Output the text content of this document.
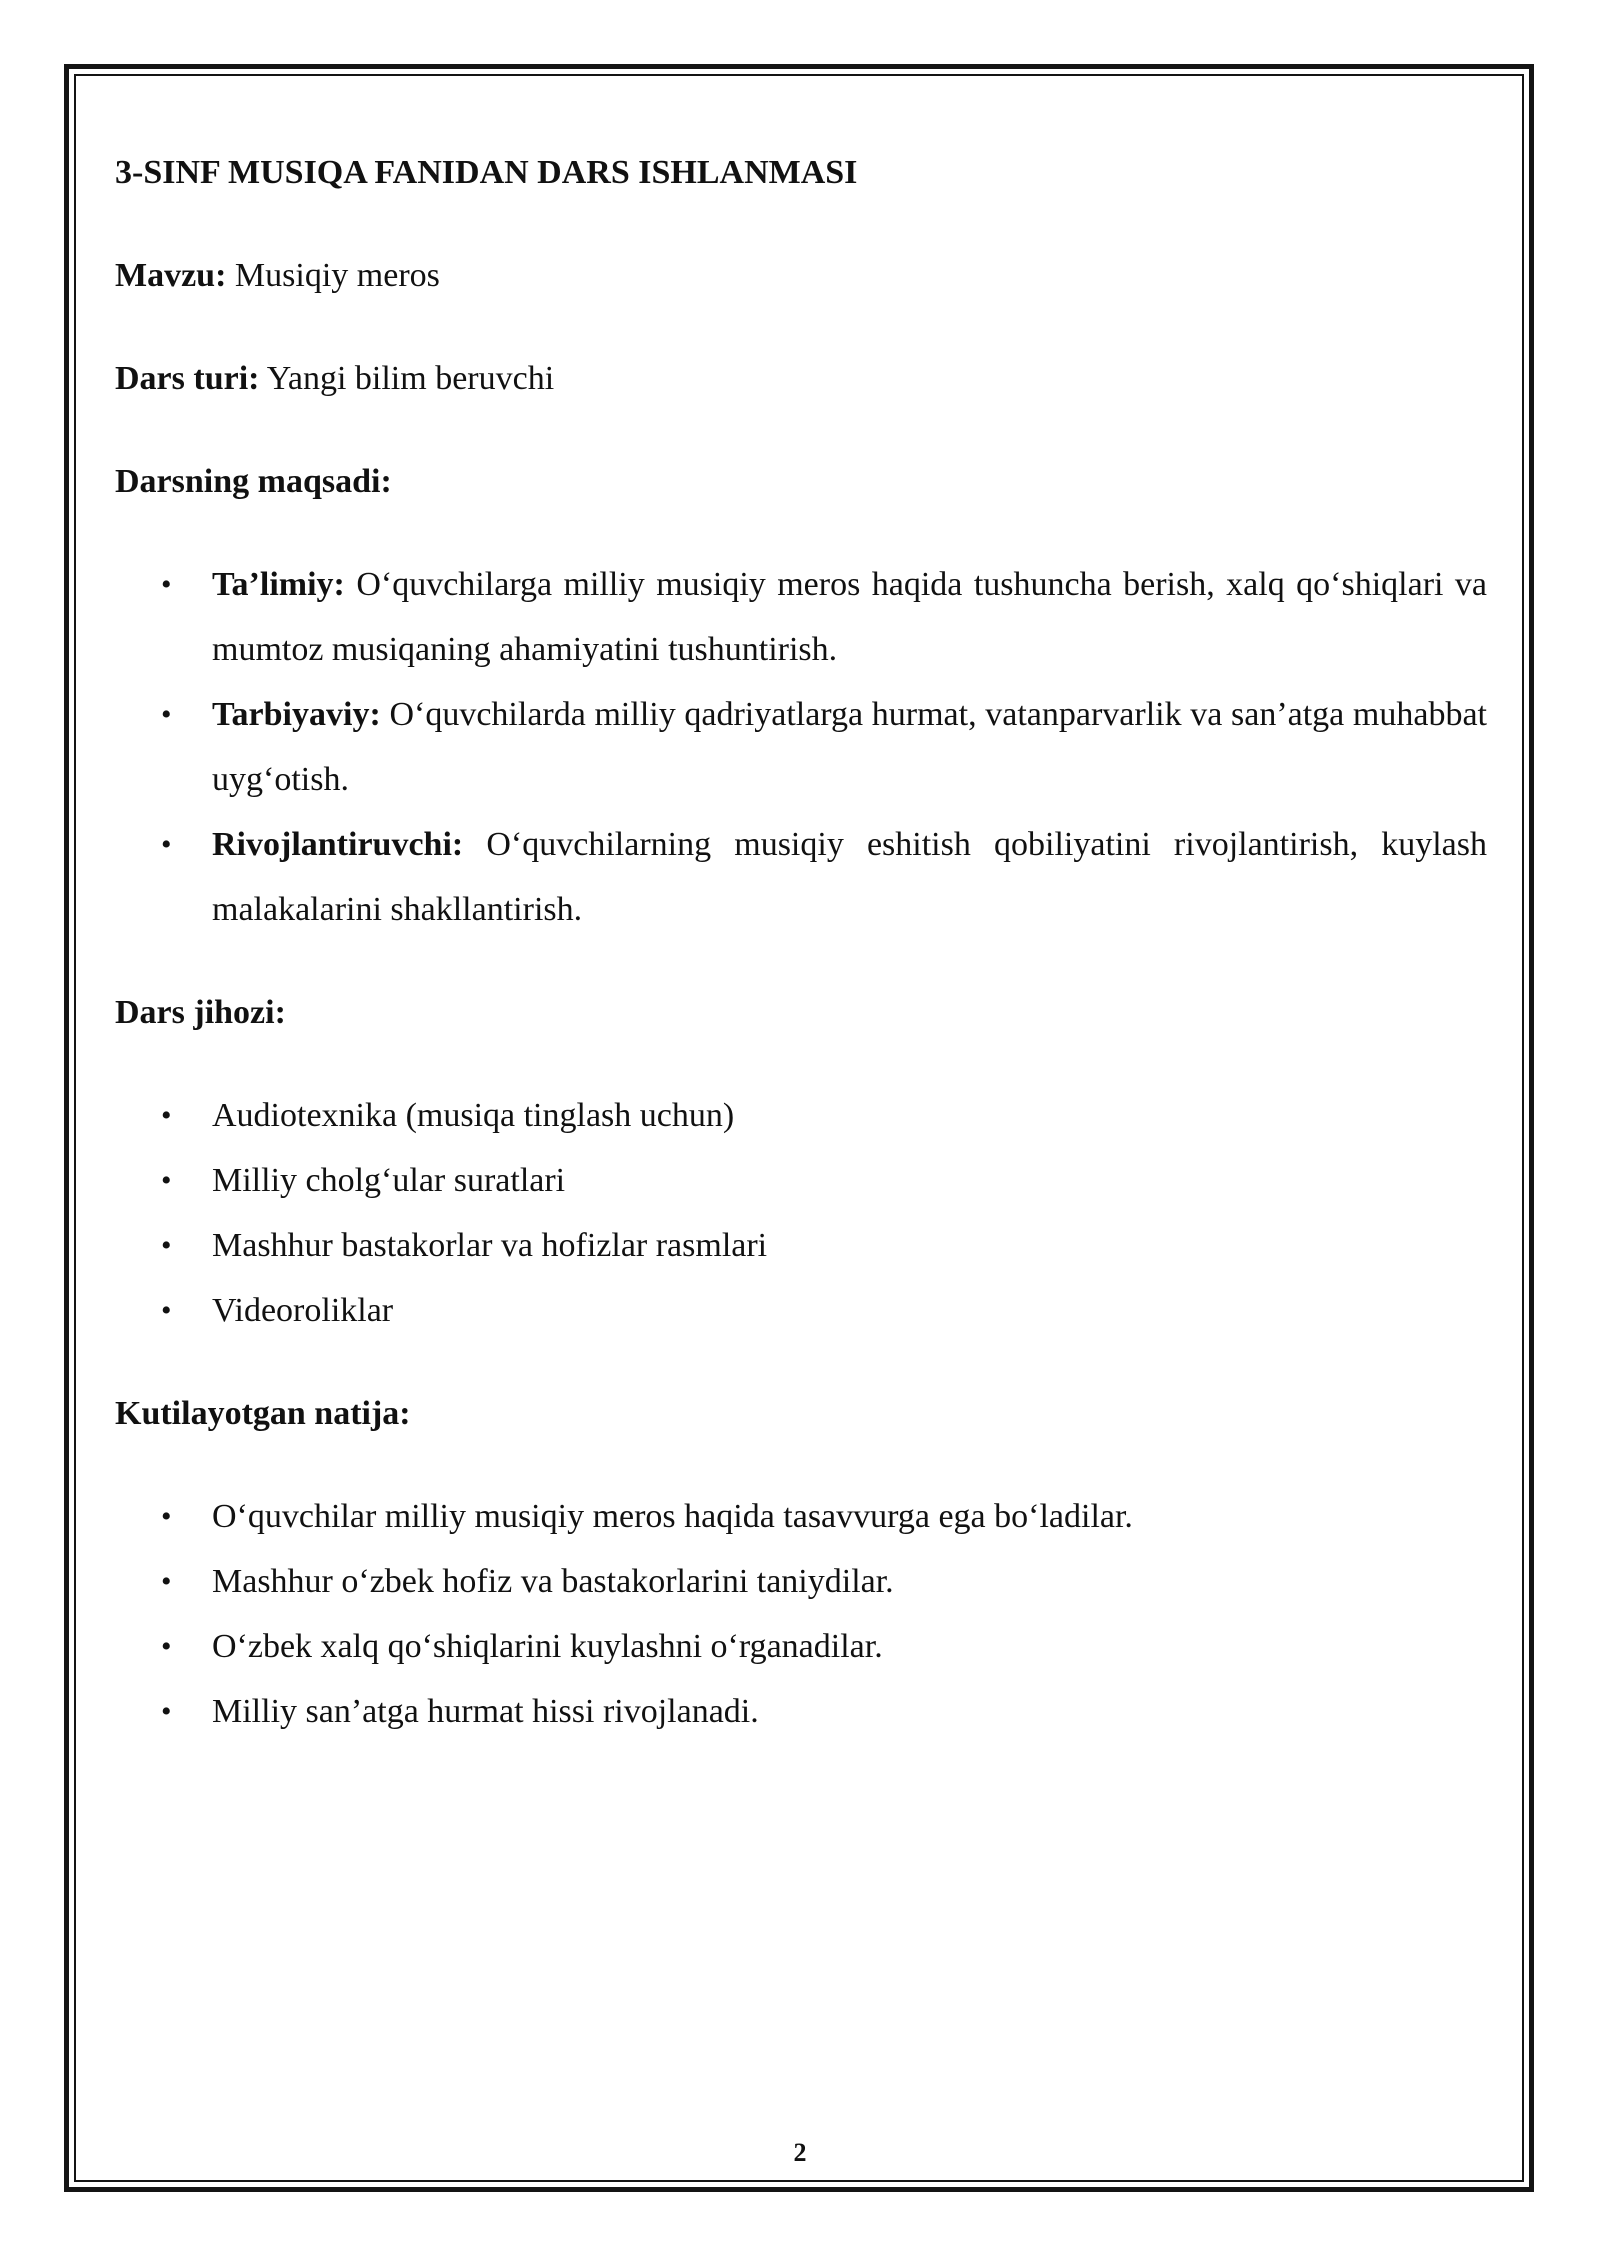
3-SINF MUSIQA FANIDAN DARS ISHLANMASI
Mavzu: Musiqiy meros
Dars turi: Yangi bilim beruvchi
Darsning maqsadi:
• Ta’limiy: O‘quvchilarga milliy musiqiy meros haqida tushuncha berish, xalq qo‘shiqlari va mumtoz musiqaning ahamiyatini tushuntirish.
• Tarbiyaviy: O‘quvchilarda milliy qadriyatlarga hurmat, vatanparvarlik va san’atga muhabbat uyg‘otish.
• Rivojlantiruvchi: O‘quvchilarning musiqiy eshitish qobiliyatini rivojlantirish, kuylash malakalarini shakllantirish.
Dars jihozi:
• Audiotexnika (musiqa tinglash uchun)
• Milliy cholg‘ular suratlari
• Mashhur bastakorlar va hofizlar rasmlari
• Videoroliklar
Kutilayotgan natija:
• O‘quvchilar milliy musiqiy meros haqida tasavvurga ega bo‘ladilar.
• Mashhur o‘zbek hofiz va bastakorlarini taniydilar.
• O‘zbek xalq qo‘shiqlarini kuylashni o‘rganadilar.
• Milliy san’atga hurmat hissi rivojlanadi.
2
